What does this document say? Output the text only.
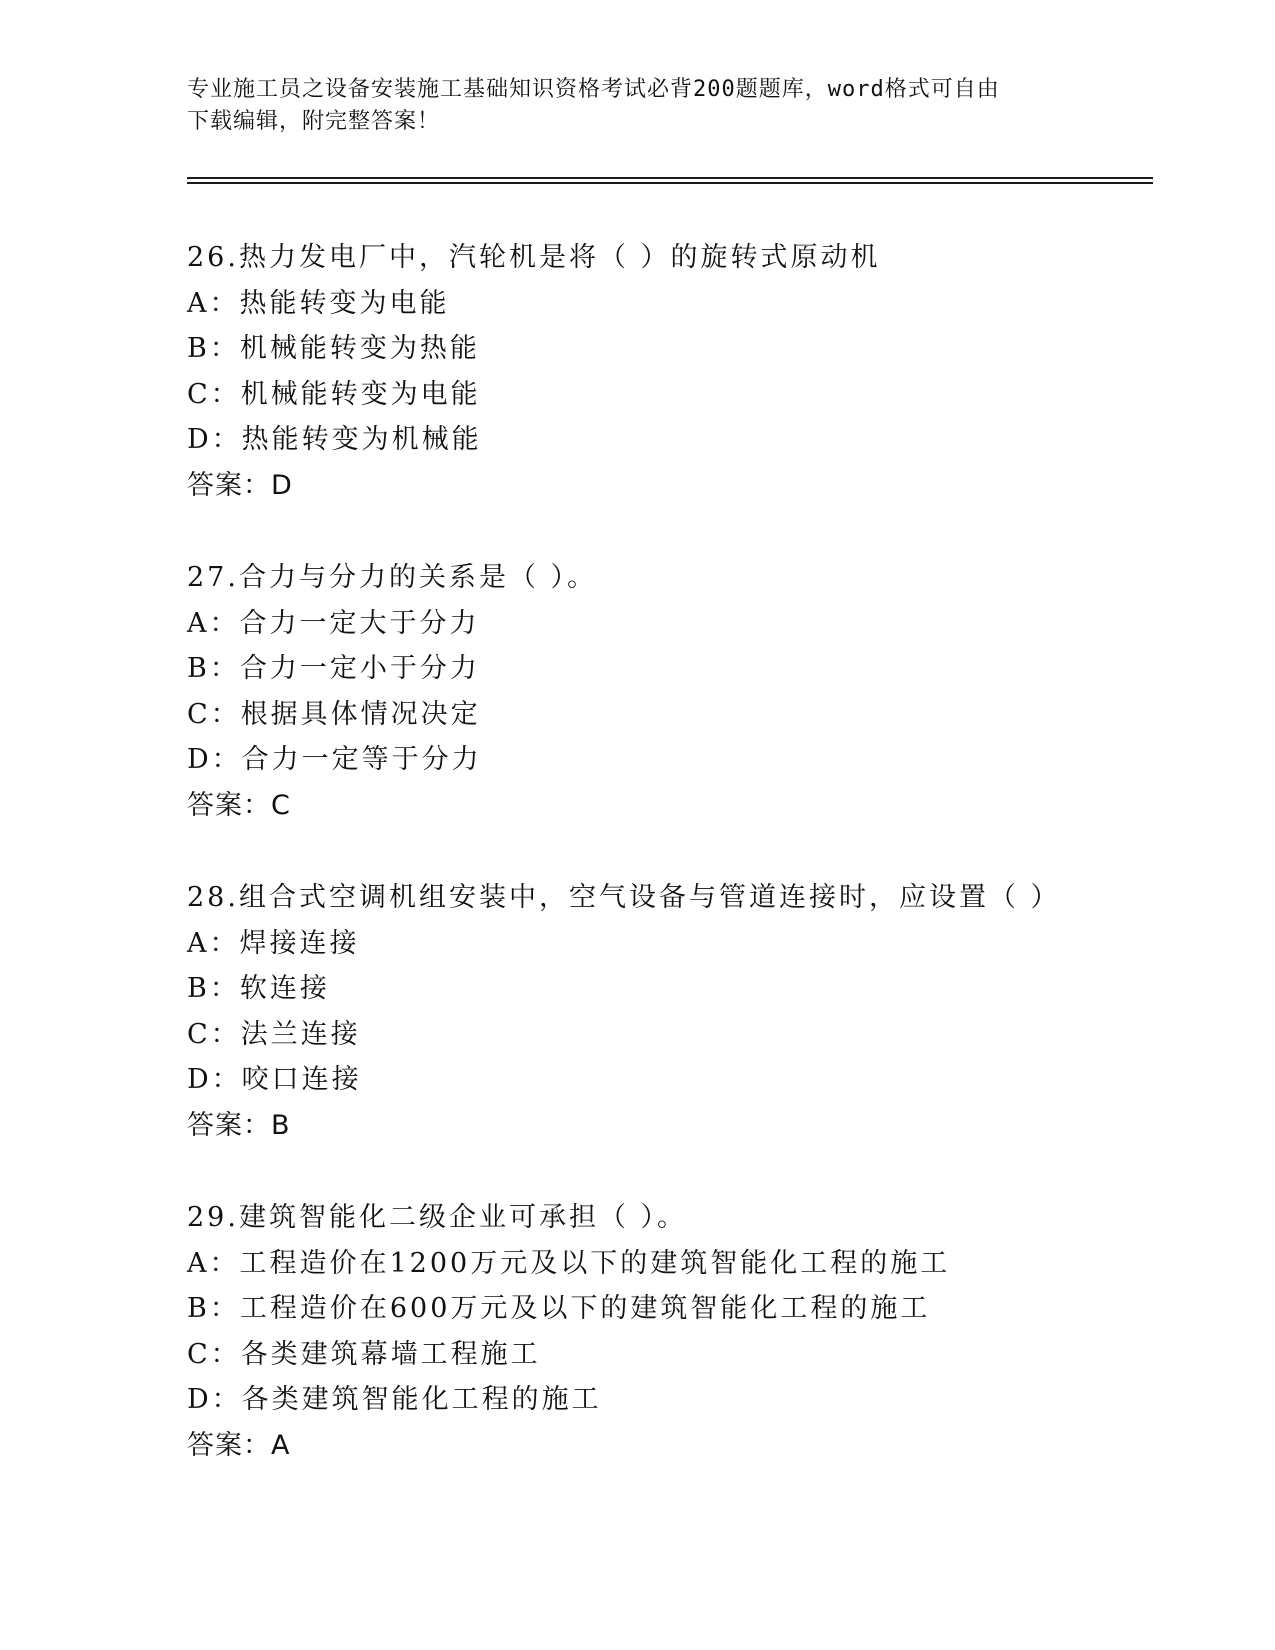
专业施工员之设备安装施工基础知识资格考试必背200题题库，word格式可自由
下载编辑，附完整答案！
26.热力发电厂中，汽轮机是将（ ）的旋转式原动机
A：热能转变为电能
B：机械能转变为热能
C：机械能转变为电能
D：热能转变为机械能
答案：D
27.合力与分力的关系是（ ）。
A：合力一定大于分力
B：合力一定小于分力
C：根据具体情况决定
D：合力一定等于分力
答案：C
28.组合式空调机组安装中，空气设备与管道连接时，应设置（ ）
A：焊接连接
B：软连接
C：法兰连接
D：咬口连接
答案：B
29.建筑智能化二级企业可承担（ ）。
A：工程造价在1200万元及以下的建筑智能化工程的施工
B：工程造价在600万元及以下的建筑智能化工程的施工
C：各类建筑幕墙工程施工
D：各类建筑智能化工程的施工
答案：A
